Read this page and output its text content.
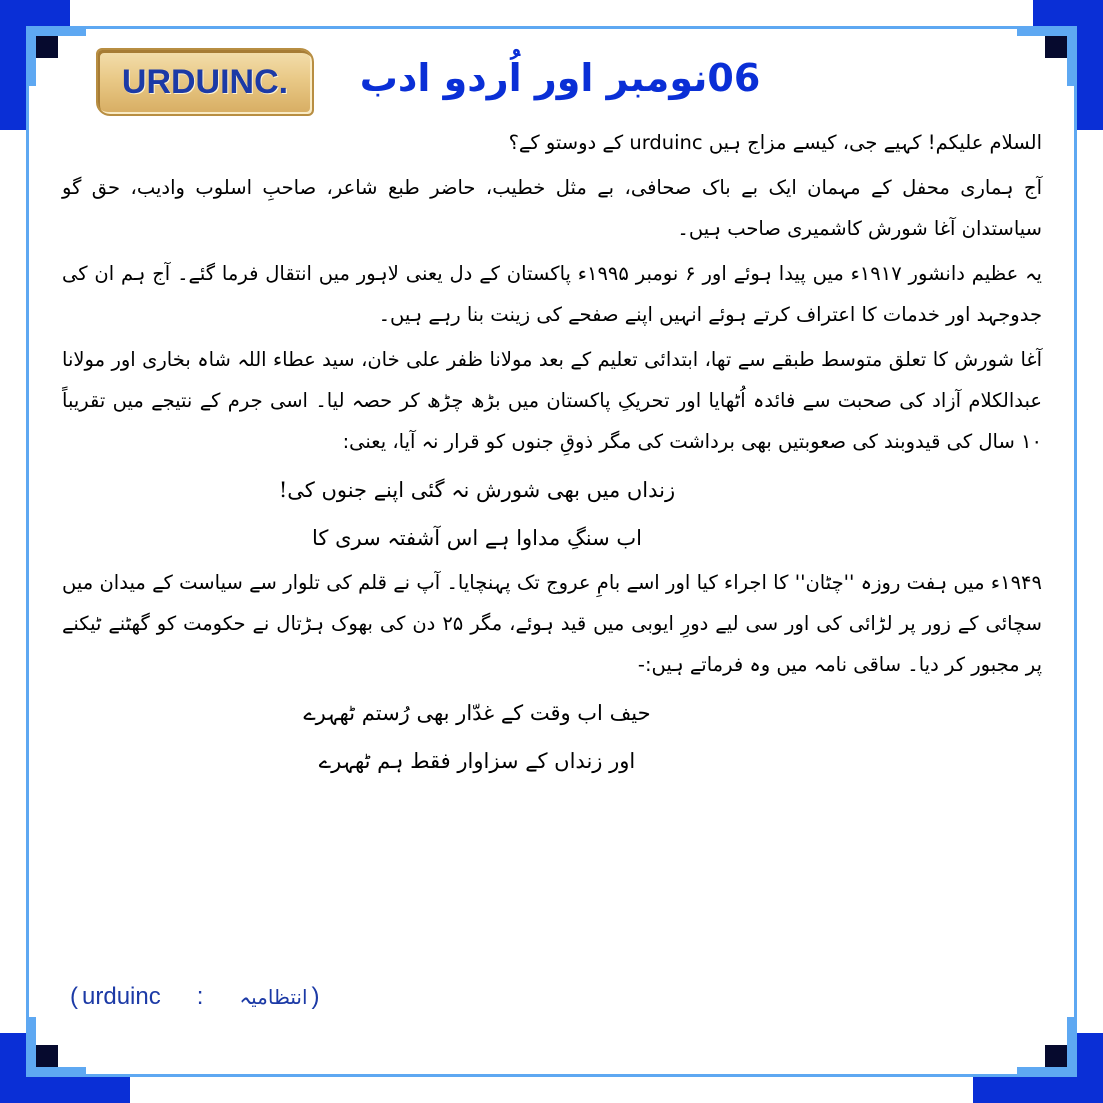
URDUINC. 06نومبر اور اُردو ادب

السلام علیکم! کہیے جی، کیسے مزاج ہیں urduinc کے دوستو کے؟

آج ہماری محفل کے مہمان ایک بے باک صحافی، بے مثل خطیب، حاضر طبع شاعر، صاحبِ اسلوب وادیب، حق گو سیاستدان آغا شورش کاشمیری صاحب ہیں۔

یہ عظیم دانشور ۱۹۱۷ء میں پیدا ہوئے اور ۶ نومبر ۱۹۹۵ء پاکستان کے دل یعنی لاہور میں انتقال فرما گئے۔ آج ہم ان کی جدوجہد اور خدمات کا اعتراف کرتے ہوئے انہیں اپنے صفحے کی زینت بنا رہے ہیں۔

آغا شورش کا تعلق متوسط طبقے سے تھا، ابتدائی تعلیم کے بعد مولانا ظفر علی خان، سید عطاء اللہ شاہ بخاری اور مولانا عبدالکلام آزاد کی صحبت سے فائدہ اُٹھایا اور تحریکِ پاکستان میں بڑھ چڑھ کر حصہ لیا۔ اسی جرم کے نتیجے میں تقریباً ۱۰ سال کی قیدوبند کی صعوبتیں بھی برداشت کی مگر ذوقِ جنوں کو قرار نہ آیا، یعنی:

زنداں میں بھی شورش نہ گئی اپنے جنوں کی!

اب سنگِ مداوا ہے اس آشفتہ سری کا

۱۹۴۹ء میں ہفت روزہ ''چٹان'' کا اجراء کیا اور اسے بامِ عروج تک پہنچایا۔ آپ نے قلم کی تلوار سے سیاست کے میدان میں سچائی کے زور پر لڑائی کی اور سی لیے دورِ ایوبی میں قید ہوئے، مگر ۲۵ دن کی بھوک ہڑتال نے حکومت کو گھٹنے ٹیکنے پر مجبور کر دیا۔ ساقی نامہ میں وہ فرماتے ہیں:-

حیف اب وقت کے غدّار بھی رُستم ٹھہرے

اور زنداں کے سزاوار فقط ہم ٹھہرے

( urduinc : انتظامیہ )
